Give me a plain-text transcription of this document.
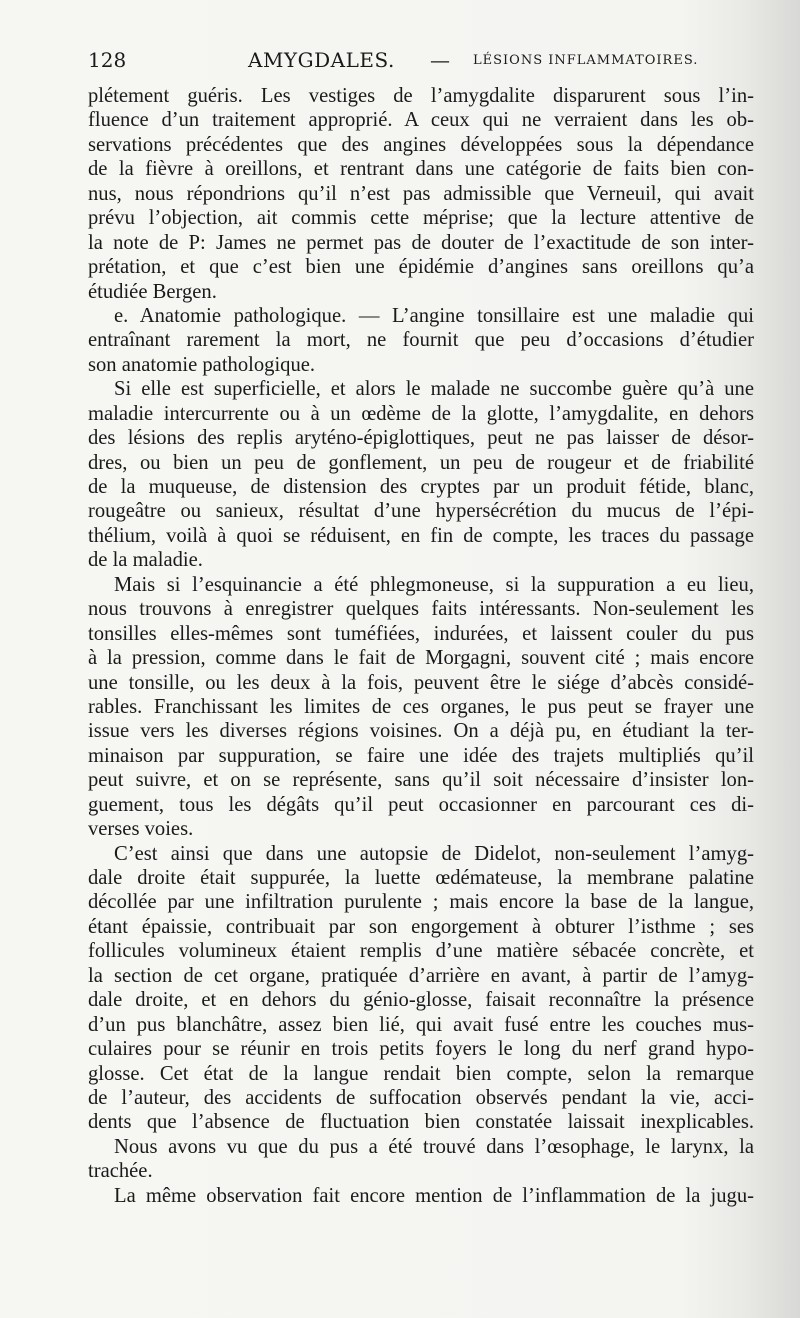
128	AMYGDALES. — LÉSIONS INFLAMMATOIRES.
plétement guéris. Les vestiges de l’amygdalite disparurent sous l’in-
fluence d’un traitement approprié. A ceux qui ne verraient dans les ob-
servations précédentes que des angines développées sous la dépendance
de la fièvre à oreillons, et rentrant dans une catégorie de faits bien con-
nus, nous répondrions qu’il n’est pas admissible que Verneuil, qui avait
prévu l’objection, ait commis cette méprise; que la lecture attentive de
la note de P: James ne permet pas de douter de l’exactitude de son inter-
prétation, et que c’est bien une épidémie d’angines sans oreillons qu’a
étudiée Bergen.
e. Anatomie pathologique. — L’angine tonsillaire est une maladie qui
entraînant rarement la mort, ne fournit que peu d’occasions d’étudier
son anatomie pathologique.
Si elle est superficielle, et alors le malade ne succombe guère qu’à une
maladie intercurrente ou à un œdème de la glotte, l’amygdalite, en dehors
des lésions des replis aryténo-épiglottiques, peut ne pas laisser de désor-
dres, ou bien un peu de gonflement, un peu de rougeur et de friabilité
de la muqueuse, de distension des cryptes par un produit fétide, blanc,
rougeâtre ou sanieux, résultat d’une hypersécrétion du mucus de l’épi-
thélium, voilà à quoi se réduisent, en fin de compte, les traces du passage
de la maladie.
Mais si l’esquinancie a été phlegmoneuse, si la suppuration a eu lieu,
nous trouvons à enregistrer quelques faits intéressants. Non-seulement les
tonsilles elles-mêmes sont tuméfiées, indurées, et laissent couler du pus
à la pression, comme dans le fait de Morgagni, souvent cité ; mais encore
une tonsille, ou les deux à la fois, peuvent être le siége d’abcès considé-
rables. Franchissant les limites de ces organes, le pus peut se frayer une
issue vers les diverses régions voisines. On a déjà pu, en étudiant la ter-
minaison par suppuration, se faire une idée des trajets multipliés qu’il
peut suivre, et on se représente, sans qu’il soit nécessaire d’insister lon-
guement, tous les dégâts qu’il peut occasionner en parcourant ces di-
verses voies.
C’est ainsi que dans une autopsie de Didelot, non-seulement l’amyg-
dale droite était suppurée, la luette œdémateuse, la membrane palatine
décollée par une infiltration purulente ; mais encore la base de la langue,
étant épaissie, contribuait par son engorgement à obturer l’isthme ; ses
follicules volumineux étaient remplis d’une matière sébacée concrète, et
la section de cet organe, pratiquée d’arrière en avant, à partir de l’amyg-
dale droite, et en dehors du génio-glosse, faisait reconnaître la présence
d’un pus blanchâtre, assez bien lié, qui avait fusé entre les couches mus-
culaires pour se réunir en trois petits foyers le long du nerf grand hypo-
glosse. Cet état de la langue rendait bien compte, selon la remarque
de l’auteur, des accidents de suffocation observés pendant la vie, acci-
dents que l’absence de fluctuation bien constatée laissait inexplicables.
Nous avons vu que du pus a été trouvé dans l’œsophage, le larynx, la
trachée.
La même observation fait encore mention de l’inflammation de la jugu-
